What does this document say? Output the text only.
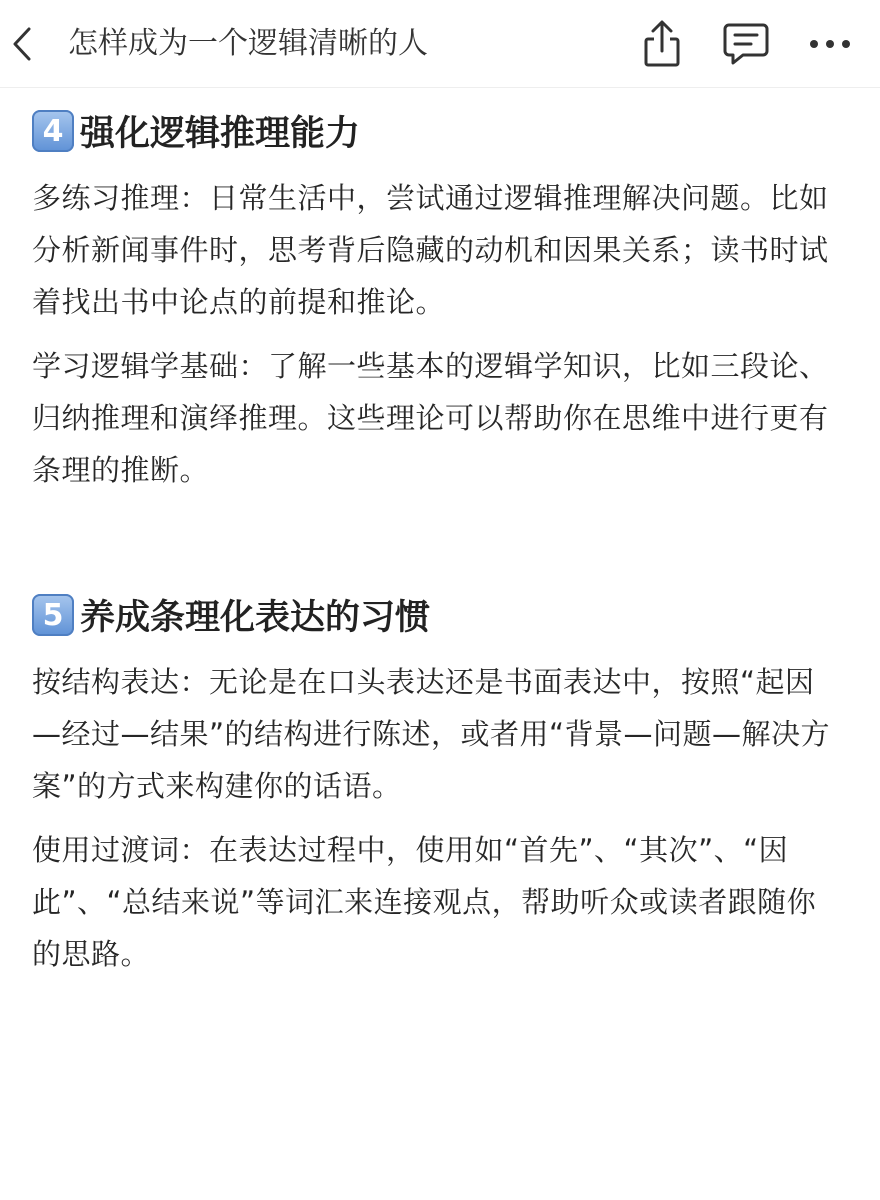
怎样成为一个逻辑清晰的人
4 强化逻辑推理能力

多练习推理：日常生活中，尝试通过逻辑推理解决问题。比如分析新闻事件时，思考背后隐藏的动机和因果关系；读书时试着找出书中论点的前提和推论。

学习逻辑学基础：了解一些基本的逻辑学知识，比如三段论、归纳推理和演绎推理。这些理论可以帮助你在思维中进行更有条理的推断。

5 养成条理化表达的习惯

按结构表达：无论是在口头表达还是书面表达中，按照“起因—经过—结果”的结构进行陈述，或者用“背景—问题—解决方案”的方式来构建你的话语。

使用过渡词：在表达过程中，使用如“首先”、“其次”、“因此”、“总结来说”等词汇来连接观点，帮助听众或读者跟随你的思路。
